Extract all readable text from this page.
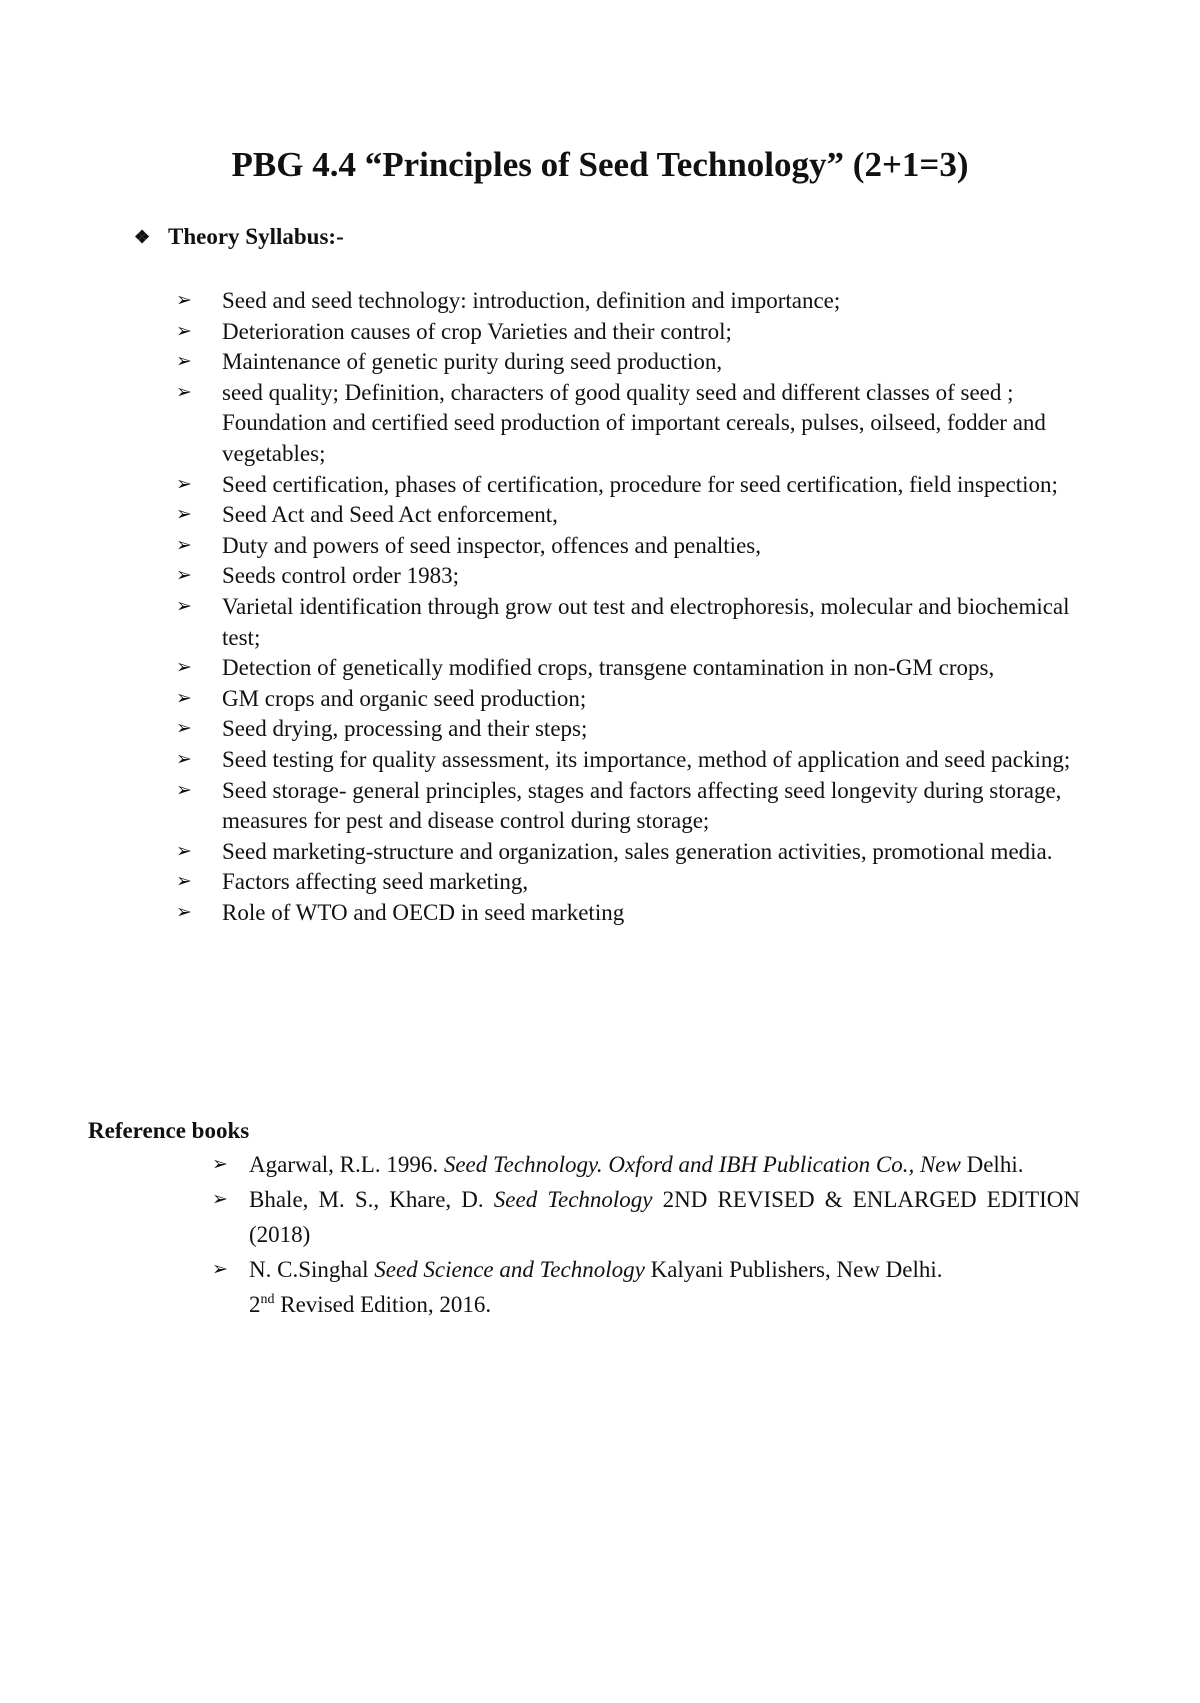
PBG 4.4 “Principles of Seed Technology” (2+1=3)
❖ Theory Syllabus:-
➢	Seed and seed technology: introduction, definition and importance;
➢	Deterioration causes of crop Varieties and their control;
➢	Maintenance of genetic purity during seed production,
➢	seed quality; Definition, characters of good quality seed and different classes of seed ; Foundation and certified seed production of important cereals, pulses, oilseed, fodder and vegetables;
➢	Seed certification, phases of certification, procedure for seed certification, field inspection;
➢	Seed Act and Seed Act enforcement,
➢	Duty and powers of seed inspector, offences and penalties,
➢	Seeds control order 1983;
➢	Varietal identification through grow out test and electrophoresis, molecular and biochemical test;
➢	Detection of genetically modified crops, transgene contamination in non-GM crops,
➢	GM crops and organic seed production;
➢	Seed drying, processing and their steps;
➢	Seed testing for quality assessment, its importance, method of application and seed packing;
➢	Seed storage- general principles, stages and factors affecting seed longevity during storage, measures for pest and disease control during storage;
➢	Seed marketing-structure and organization, sales generation activities, promotional media.
➢	Factors affecting seed marketing,
➢	Role of WTO and OECD in seed marketing
Reference books
➢ Agarwal, R.L. 1996. Seed Technology. Oxford and IBH Publication Co., New Delhi.
➢ Bhale, M. S., Khare, D. Seed Technology 2ND REVISED & ENLARGED EDITION (2018)
➢ N. C.Singhal Seed Science and Technology Kalyani Publishers, New Delhi.
2nd Revised Edition, 2016.
